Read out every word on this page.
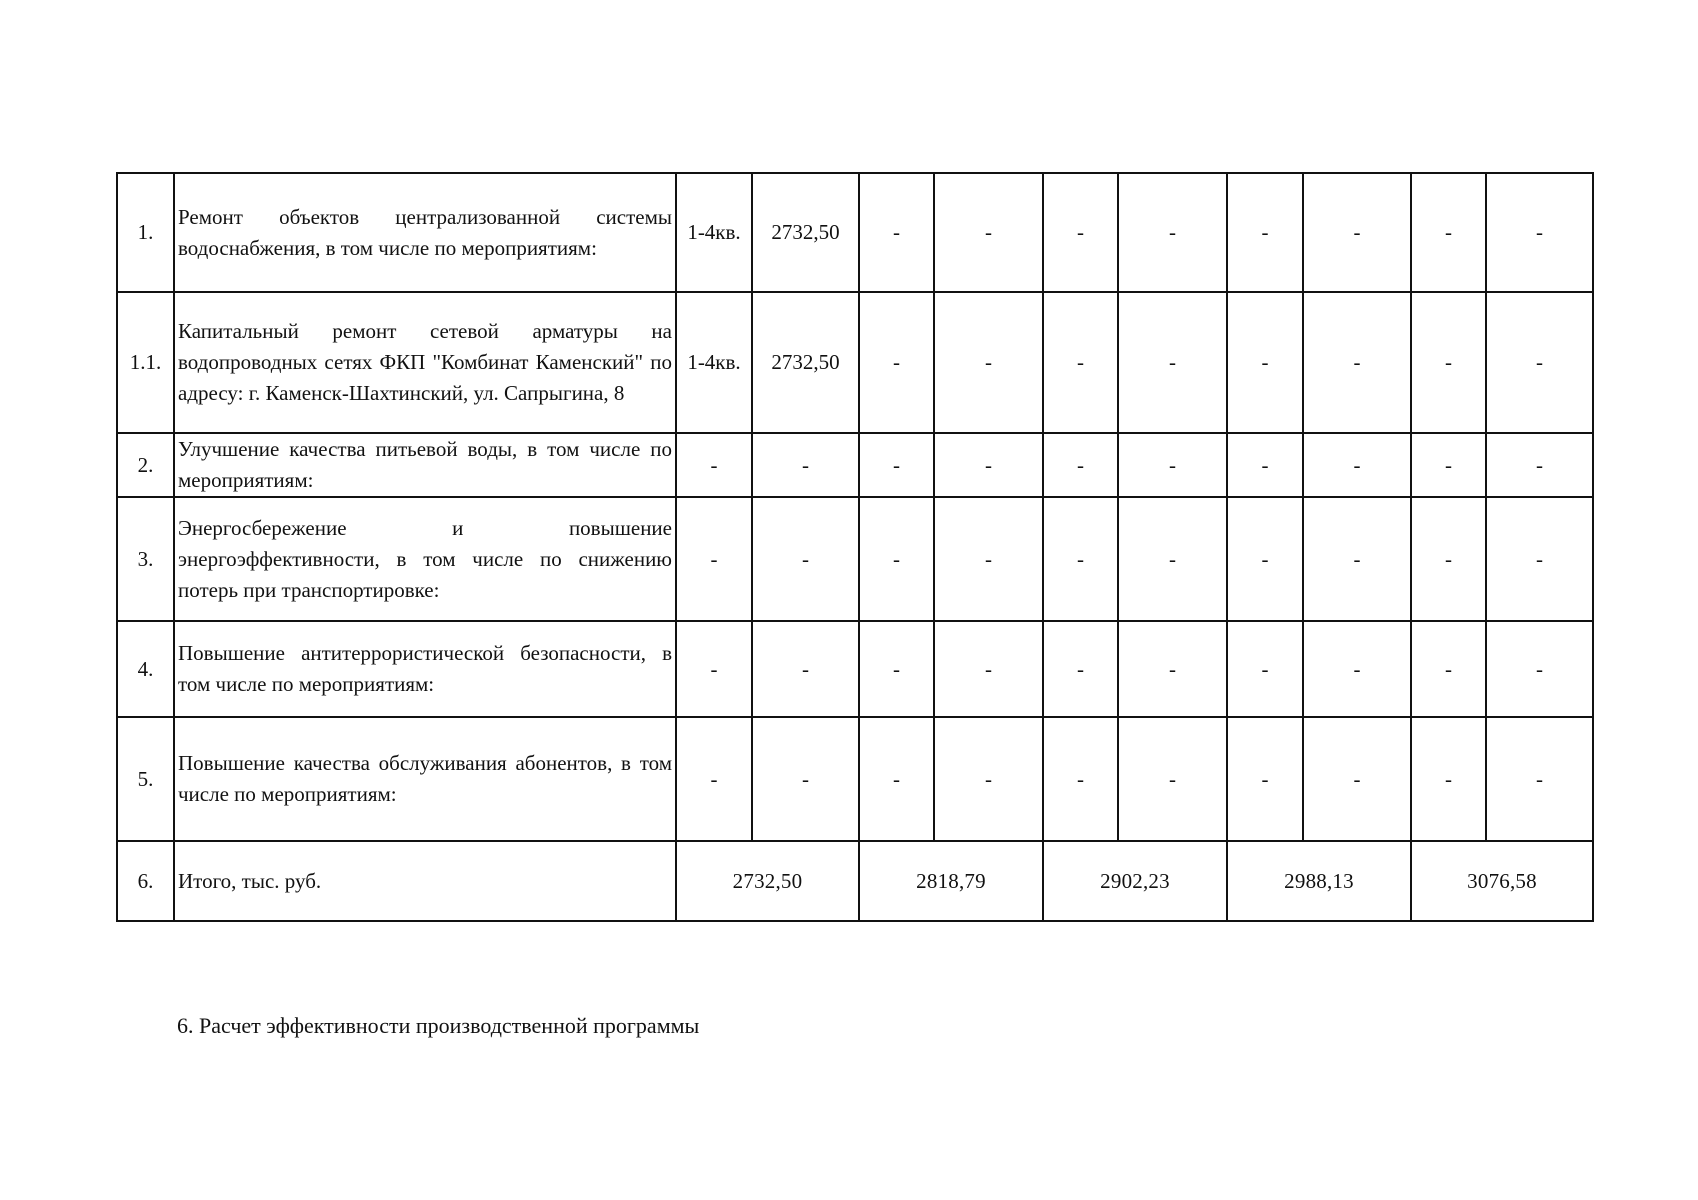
1.	Ремонт объектов централизованной системы водоснабжения, в том числе по мероприятиям:	1-4кв.	2732,50	-	-	-	-	-	-	-	-
1.1.	Капитальный ремонт сетевой арматуры на водопроводных сетях ФКП "Комбинат Каменский" по адресу: г. Каменск-Шахтинский, ул. Сапрыгина, 8	1-4кв.	2732,50	-	-	-	-	-	-	-	-
2.	Улучшение качества питьевой воды, в том числе по мероприятиям:	-	-	-	-	-	-	-	-	-	-
3.	Энергосбережение и повышение энергоэффективности, в том числе по снижению потерь при транспортировке:	-	-	-	-	-	-	-	-	-	-
4.	Повышение антитеррористической безопасности, в том числе по мероприятиям:	-	-	-	-	-	-	-	-	-	-
5.	Повышение качества обслуживания абонентов, в том числе по мероприятиям:	-	-	-	-	-	-	-	-	-	-
6.	Итого, тыс. руб.	2732,50		2818,79		2902,23		2988,13		3076,58	

6. Расчет эффективности производственной программы
